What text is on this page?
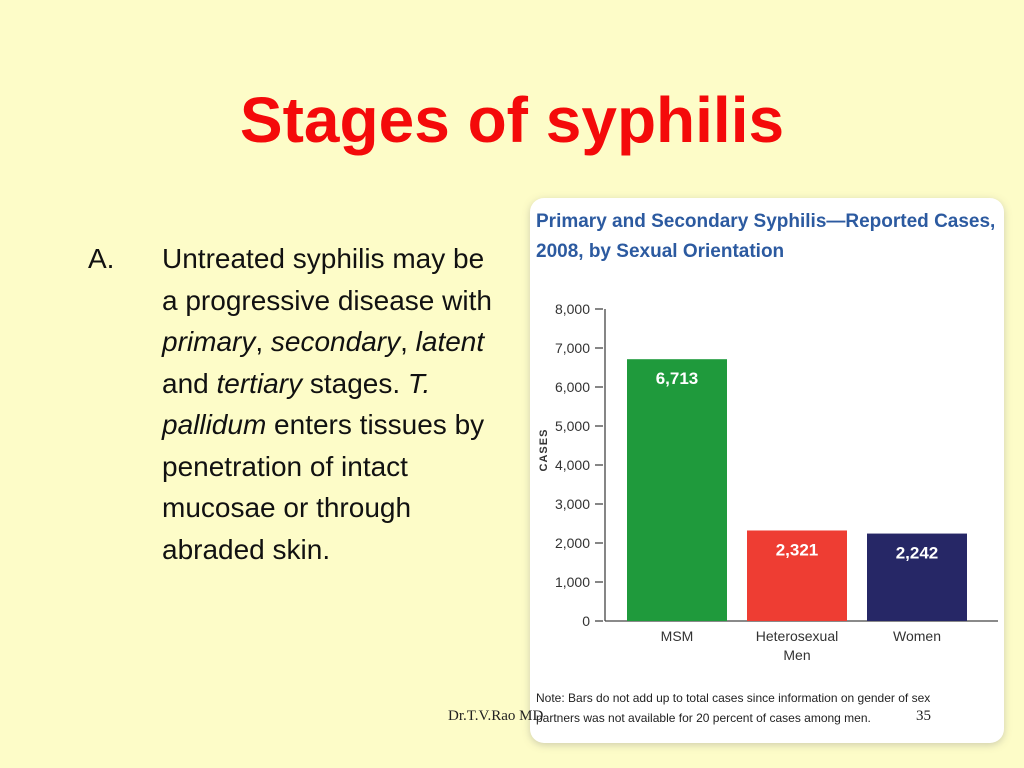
Stages of syphilis
A. Untreated syphilis may be a progressive disease with primary, secondary, latent and tertiary stages. T. pallidum enters tissues by penetration of intact mucosae or through abraded skin.
Primary and Secondary Syphilis—Reported Cases,
2008, by Sexual Orientation
0
1,000
2,000
3,000
4,000
5,000
6,000
7,000
8,000
CASES
6,713
MSM
2,321
Heterosexual
Men
2,242
Women
Note: Bars do not add up to total cases since information on gender of sex
partners was not available for 20 percent of cases among men.
Dr.T.V.Rao MD	35
